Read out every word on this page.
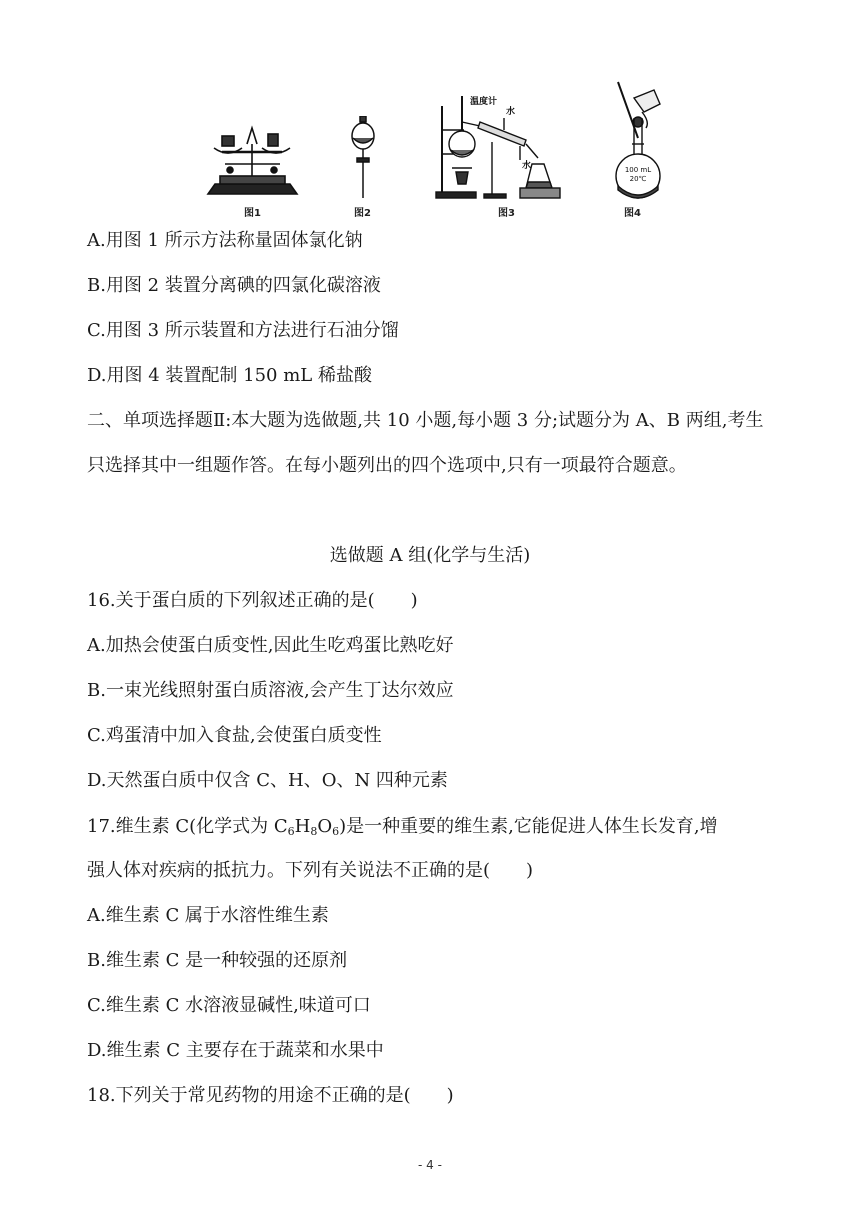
图1	图2
温度计
水
水
图3
100 mL
20℃
图4
A.用图 1 所示方法称量固体氯化钠
B.用图 2 装置分离碘的四氯化碳溶液
C.用图 3 所示装置和方法进行石油分馏
D.用图 4 装置配制 150 mL 稀盐酸
二、单项选择题Ⅱ:本大题为选做题,共 10 小题,每小题 3 分;试题分为 A、B 两组,考生只选择其中一组题作答。在每小题列出的四个选项中,只有一项最符合题意。
选做题 A 组(化学与生活)
16.关于蛋白质的下列叙述正确的是(　　)
A.加热会使蛋白质变性,因此生吃鸡蛋比熟吃好
B.一束光线照射蛋白质溶液,会产生丁达尔效应
C.鸡蛋清中加入食盐,会使蛋白质变性
D.天然蛋白质中仅含 C、H、O、N 四种元素
17.维生素 C(化学式为 $C_6H_8O_6$)是一种重要的维生素,它能促进人体生长发育,增
强人体对疾病的抵抗力。下列有关说法不正确的是(　　)
A.维生素 C 属于水溶性维生素
B.维生素 C 是一种较强的还原剂
C.维生素 C 水溶液显碱性,味道可口
D.维生素 C 主要存在于蔬菜和水果中
18.下列关于常见药物的用途不正确的是(　　)
- 4 -
